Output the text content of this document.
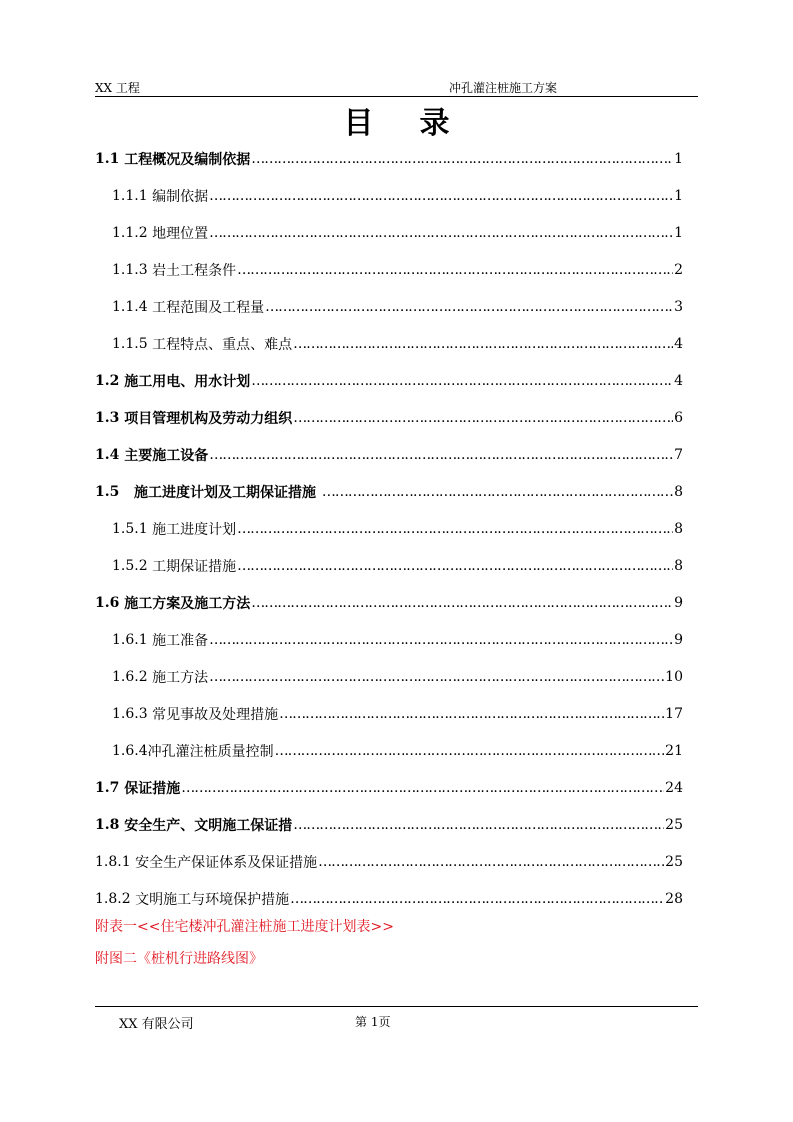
XX 工程	冲孔灌注桩施工方案
目录
1.1 工程概况及编制依据 ……………………………………………………………………………………………………………………………………………………………	1
1.1.1 编制依据 ……………………………………………………………………………………………………………………………………………………………	1
1.1.2 地理位置 ……………………………………………………………………………………………………………………………………………………………	1
1.1.3 岩土工程条件 ……………………………………………………………………………………………………………………………………………………………	2
1.1.4 工程范围及工程量 ……………………………………………………………………………………………………………………………………………………………	3
1.1.5 工程特点、重点、难点 ……………………………………………………………………………………………………………………………………………………………	4
1.2 施工用电、用水计划 ……………………………………………………………………………………………………………………………………………………………	4
1.3 项目管理机构及劳动力组织 ……………………………………………………………………………………………………………………………………………………………	6
1.4 主要施工设备 ……………………………………………………………………………………………………………………………………………………………	7
1.5 施工进度计划及工期保证措施 ……………………………………………………………………………………………………………………………………………………………	8
1.5.1 施工进度计划 ……………………………………………………………………………………………………………………………………………………………	8
1.5.2 工期保证措施 ……………………………………………………………………………………………………………………………………………………………	8
1.6 施工方案及施工方法 ……………………………………………………………………………………………………………………………………………………………	9
1.6.1 施工准备 ……………………………………………………………………………………………………………………………………………………………	9
1.6.2 施工方法 ……………………………………………………………………………………………………………………………………………………………	10
1.6.3 常见事故及处理措施 ……………………………………………………………………………………………………………………………………………………………	17
1.6.4 冲孔灌注桩质量控制 ……………………………………………………………………………………………………………………………………………………………	21
1.7 保证措施 ……………………………………………………………………………………………………………………………………………………………	24
1.8 安全生产、文明施工保证措 ……………………………………………………………………………………………………………………………………………………………	25
1.8.1 安全生产保证体系及保证措施 ……………………………………………………………………………………………………………………………………………………………	25
1.8.2 文明施工与环境保护措施 ……………………………………………………………………………………………………………………………………………………………	28
附表一<<住宅楼冲孔灌注桩施工进度计划表>>
附图二《桩机行进路线图》
XX 有限公司	第 1页
